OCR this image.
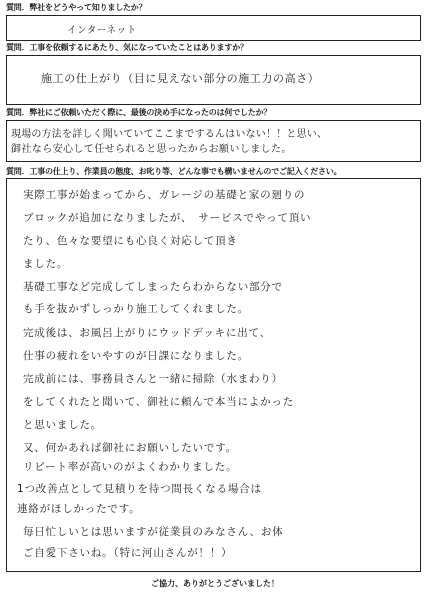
質問．弊社をどうやって知りましたか？
インターネット
質問．工事を依頼するにあたり、気になっていたことはありますか？
施工の仕上がり（目に見えない部分の施工力の高さ）
質問．弊社にご依頼いただく際に、最後の決め手になったのは何でしたか？
現場の方法を詳しく聞いていてここまでするんはいない！！と思い、
御社なら安心して任せられると思ったからお願いしました。
質問．工事の仕上り、作業員の態度、お叱り等、どんな事でも構いませんのでご記入ください。
実際工事が始まってから、ガレージの基礎と家の廻りの
ブロックが追加になりましたが、　サービスでやって頂い
たり、色々な要望にも心良く対応して頂き
ました。
基礎工事など完成してしまったらわからない部分で
も手を抜かずしっかり施工してくれました。
完成後は、お風呂上がりにウッドデッキに出て、
仕事の疲れをいやすのが日課になりました。
完成前には、事務員さんと一緒に掃除（水まわり）
をしてくれたと聞いて、御社に頼んで本当によかった
と思いました。
又、何かあれば御社にお願いしたいです。
リピート率が高いのがよくわかりました。
1つ改善点として見積りを待つ間長くなる場合は
連絡がほしかったです。
毎日忙しいとは思いますが従業員のみなさん、お体
ご自愛下さいね。（特に河山さんが！！）
ご協力、ありがとうございました！
